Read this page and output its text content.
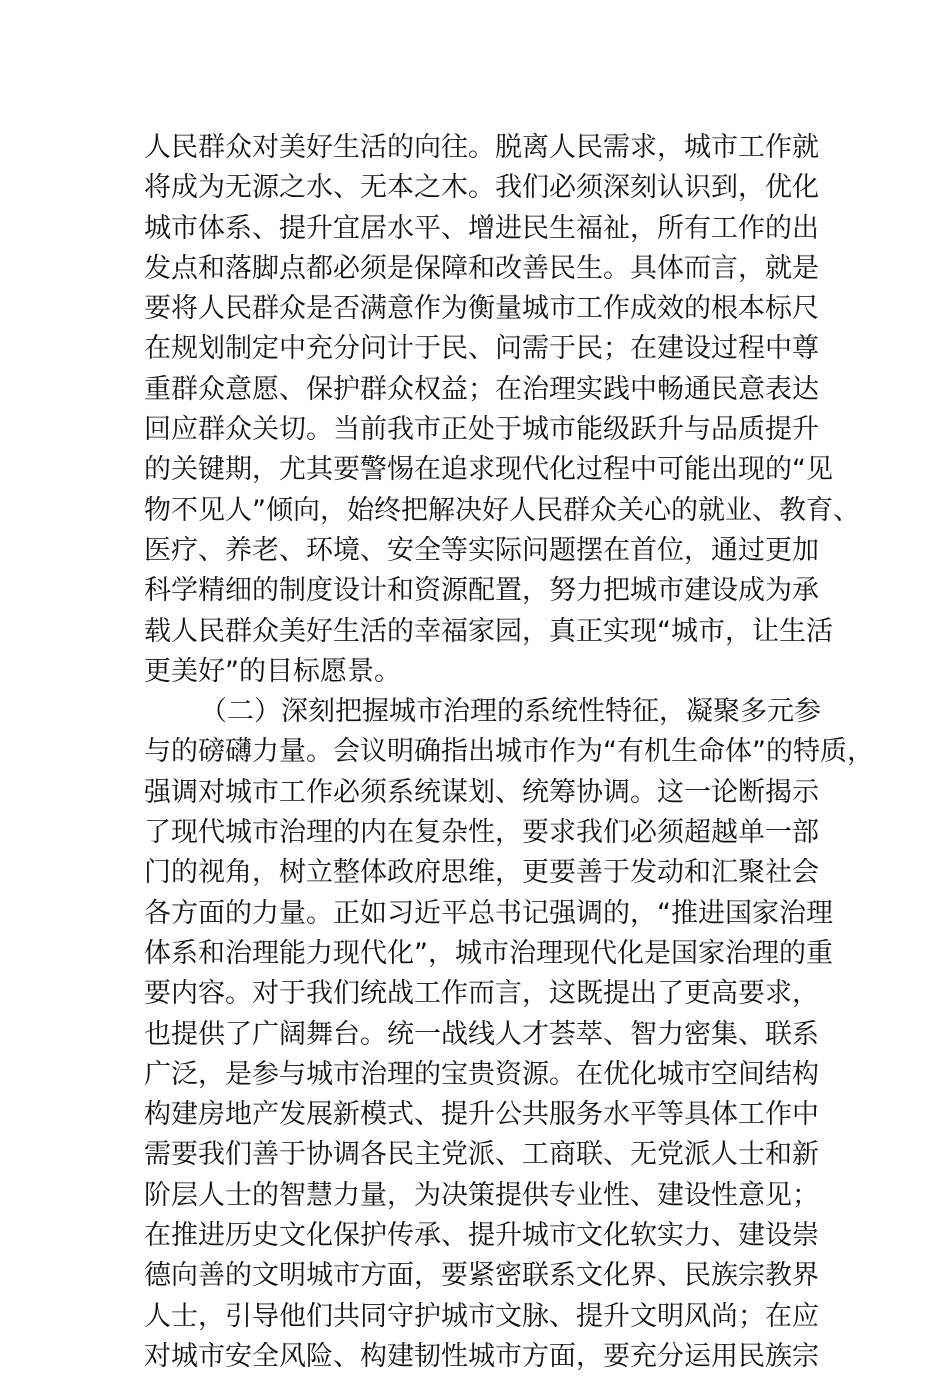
人民群众对美好生活的向往。脱离人民需求，城市工作就
将成为无源之水、无本之木。我们必须深刻认识到，优化
城市体系、提升宜居水平、增进民生福祉，所有工作的出
发点和落脚点都必须是保障和改善民生。具体而言，就是
要将人民群众是否满意作为衡量城市工作成效的根本标尺
在规划制定中充分问计于民、问需于民；在建设过程中尊
重群众意愿、保护群众权益；在治理实践中畅通民意表达
回应群众关切。当前我市正处于城市能级跃升与品质提升
的关键期，尤其要警惕在追求现代化过程中可能出现的“见
物不见人”倾向，始终把解决好人民群众关心的就业、教育、
医疗、养老、环境、安全等实际问题摆在首位，通过更加
科学精细的制度设计和资源配置，努力把城市建设成为承
载人民群众美好生活的幸福家园，真正实现“城市，让生活
更美好”的目标愿景。
（二）深刻把握城市治理的系统性特征，凝聚多元参
与的磅礴力量。会议明确指出城市作为“有机生命体”的特质，
强调对城市工作必须系统谋划、统筹协调。这一论断揭示
了现代城市治理的内在复杂性，要求我们必须超越单一部
门的视角，树立整体政府思维，更要善于发动和汇聚社会
各方面的力量。正如习近平总书记强调的，“推进国家治理
体系和治理能力现代化”，城市治理现代化是国家治理的重
要内容。对于我们统战工作而言，这既提出了更高要求，
也提供了广阔舞台。统一战线人才荟萃、智力密集、联系
广泛，是参与城市治理的宝贵资源。在优化城市空间结构
构建房地产发展新模式、提升公共服务水平等具体工作中
需要我们善于协调各民主党派、工商联、无党派人士和新
阶层人士的智慧力量，为决策提供专业性、建设性意见；
在推进历史文化保护传承、提升城市文化软实力、建设崇
德向善的文明城市方面，要紧密联系文化界、民族宗教界
人士，引导他们共同守护城市文脉、提升文明风尚；在应
对城市安全风险、构建韧性城市方面，要充分运用民族宗
